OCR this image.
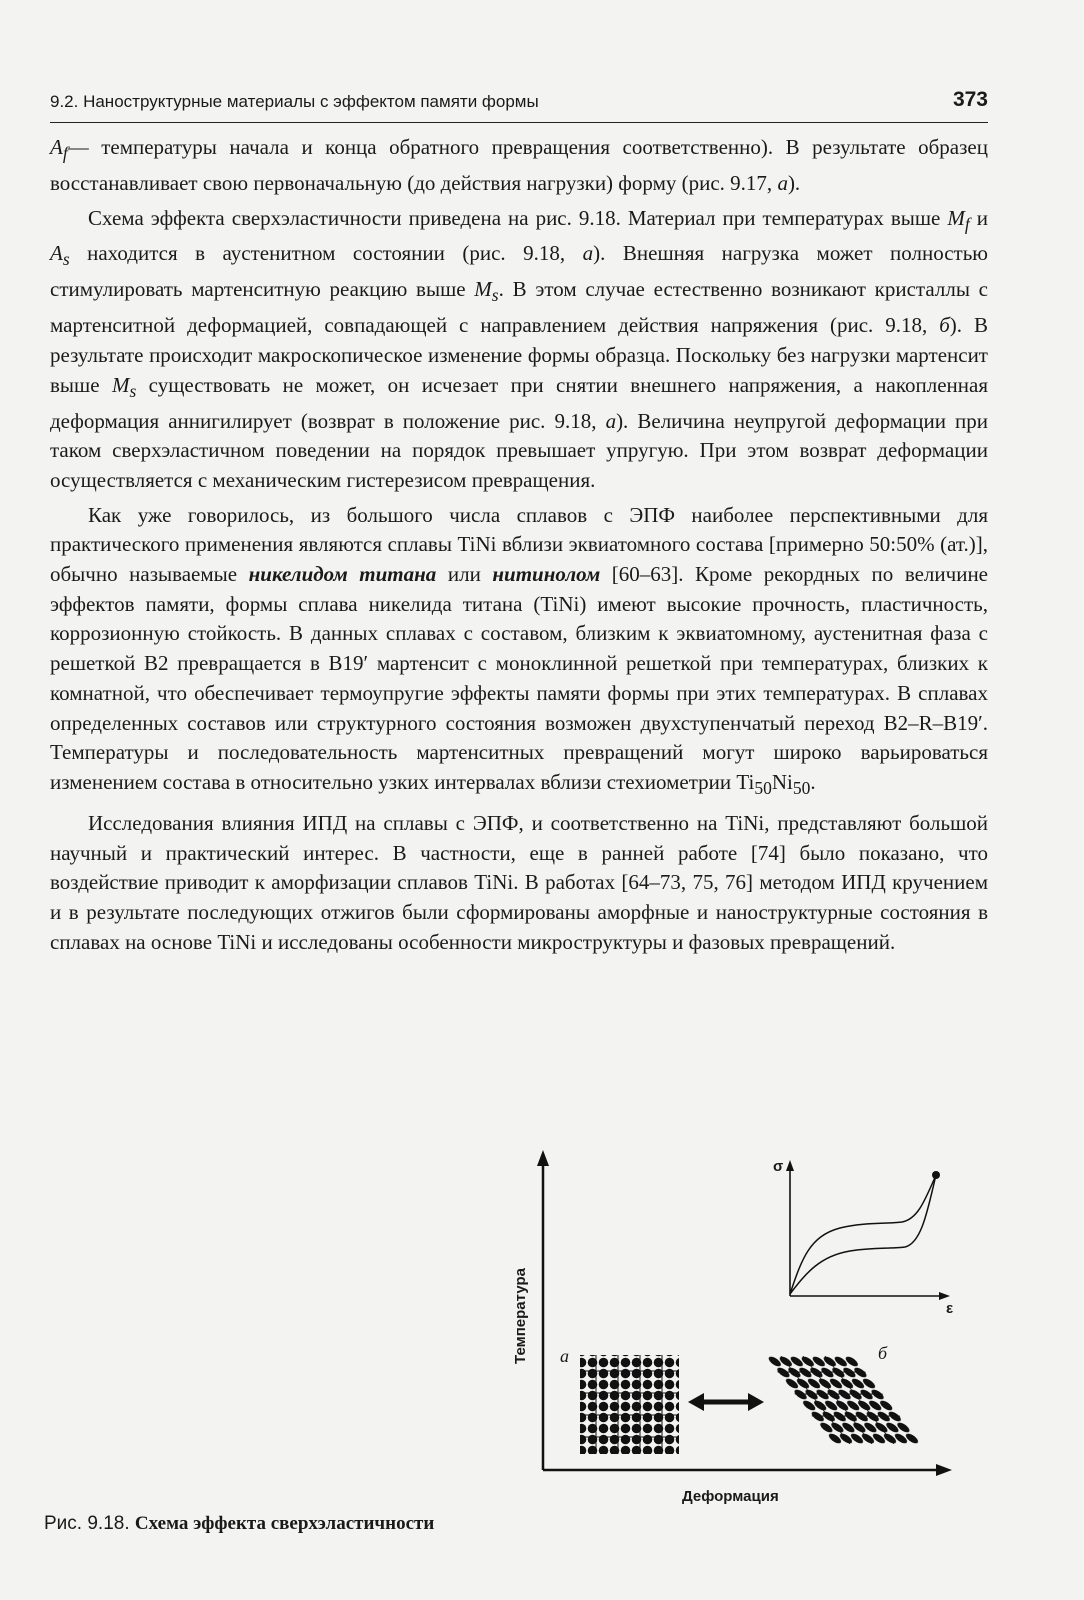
9.2. Наноструктурные материалы с эффектом памяти формы	373

$A_f—$ температуры начала и конца обратного превращения соответственно). В результате образец восстанавливает свою первоначальную (до действия нагрузки) форму (рис. 9.17, а).

Схема эффекта сверхэластичности приведена на рис. 9.18. Материал при температурах выше $M_f$ и $A_s$ находится в аустенитном состоянии (рис. 9.18, а). Внешняя нагрузка может полностью стимулировать мартенситную реакцию выше $M_s$. В этом случае естественно возникают кристаллы с мартенситной деформацией, совпадающей с направлением действия напряжения (рис. 9.18, б). В результате происходит макроскопическое изменение формы образца. Поскольку без нагрузки мартенсит выше $M_s$ существовать не может, он исчезает при снятии внешнего напряжения, а накопленная деформация аннигилирует (возврат в положение рис. 9.18, а). Величина неупругой деформации при таком сверхэластичном поведении на порядок превышает упругую. При этом возврат деформации осуществляется с механическим гистерезисом превращения.

Как уже говорилось, из большого числа сплавов с ЭПФ наиболее перспективными для практического применения являются сплавы TiNi вблизи эквиатомного состава [примерно 50:50% (ат.)], обычно называемые никелидом титана или нитинолом [60–63]. Кроме рекордных по величине эффектов памяти, формы сплава никелида титана (TiNi) имеют высокие прочность, пластичность, коррозионную стойкость. В данных сплавах с составом, близким к эквиатомному, аустенитная фаза с решеткой B2 превращается в B19′ мартенсит с моноклинной решеткой при температурах, близких к комнатной, что обеспечивает термоупругие эффекты памяти формы при этих температурах. В сплавах определенных составов или структурного состояния возможен двухступенчатый переход B2–R–B19′. Температуры и последовательность мартенситных превращений могут широко варьироваться изменением состава в относительно узких интервалах вблизи стехиометрии $Ti_{50}Ni_{50}$.

Исследования влияния ИПД на сплавы с ЭПФ, и соответственно на TiNi, представляют большой научный и практический интерес. В частности, еще в ранней работе [74] было показано, что воздействие приводит к аморфизации сплавов TiNi. В работах [64–73, 75, 76] методом ИПД кручением и в результате последующих отжигов были сформированы аморфные и наноструктурные состояния в сплавах на основе TiNi и исследованы особенности микроструктуры и фазовых превращений.

Температура
Деформация
σ
ε
а	б
Рис. 9.18. Схема эффекта сверхэластичности
